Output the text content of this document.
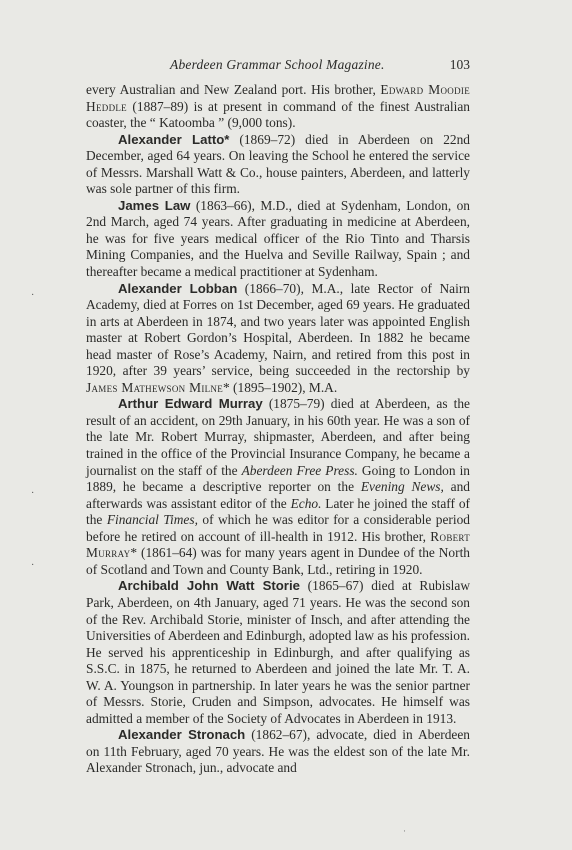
Aberdeen Grammar School Magazine.	103

every Australian and New Zealand port. His brother, Edward Moodie Heddle (1887–89) is at present in command of the finest Australian coaster, the “ Katoomba ” (9,000 tons).

Alexander Latto* (1869–72) died in Aberdeen on 22nd December, aged 64 years. On leaving the School he entered the service of Messrs. Marshall Watt & Co., house painters, Aberdeen, and latterly was sole partner of this firm.

James Law (1863–66), M.D., died at Sydenham, London, on 2nd March, aged 74 years. After graduating in medicine at Aberdeen, he was for five years medical officer of the Rio Tinto and Tharsis Mining Companies, and the Huelva and Seville Railway, Spain ; and thereafter became a medical practitioner at Sydenham.

Alexander Lobban (1866–70), M.A., late Rector of Nairn Academy, died at Forres on 1st December, aged 69 years. He graduated in arts at Aberdeen in 1874, and two years later was appointed English master at Robert Gordon’s Hospital, Aberdeen. In 1882 he became head master of Rose’s Academy, Nairn, and retired from this post in 1920, after 39 years’ service, being succeeded in the rectorship by James Mathewson Milne* (1895–1902), M.A.

Arthur Edward Murray (1875–79) died at Aberdeen, as the result of an accident, on 29th January, in his 60th year. He was a son of the late Mr. Robert Murray, shipmaster, Aberdeen, and after being trained in the office of the Provincial Insurance Company, he became a journalist on the staff of the Aberdeen Free Press. Going to London in 1889, he became a descriptive reporter on the Evening News, and afterwards was assistant editor of the Echo. Later he joined the staff of the Financial Times, of which he was editor for a considerable period before he retired on account of ill-health in 1912. His brother, Robert Murray* (1861–64) was for many years agent in Dundee of the North of Scotland and Town and County Bank, Ltd., retiring in 1920.

Archibald John Watt Storie (1865–67) died at Rubislaw Park, Aberdeen, on 4th January, aged 71 years. He was the second son of the Rev. Archibald Storie, minister of Insch, and after attending the Universities of Aberdeen and Edinburgh, adopted law as his profession. He served his apprenticeship in Edinburgh, and after qualifying as S.S.C. in 1875, he returned to Aberdeen and joined the late Mr. T. A. W. A. Youngson in partnership. In later years he was the senior partner of Messrs. Storie, Cruden and Simpson, advocates. He himself was admitted a member of the Society of Advocates in Aberdeen in 1913.

Alexander Stronach (1862–67), advocate, died in Aberdeen on 11th February, aged 70 years. He was the eldest son of the late Mr. Alexander Stronach, jun., advocate and

·
·
·
·
